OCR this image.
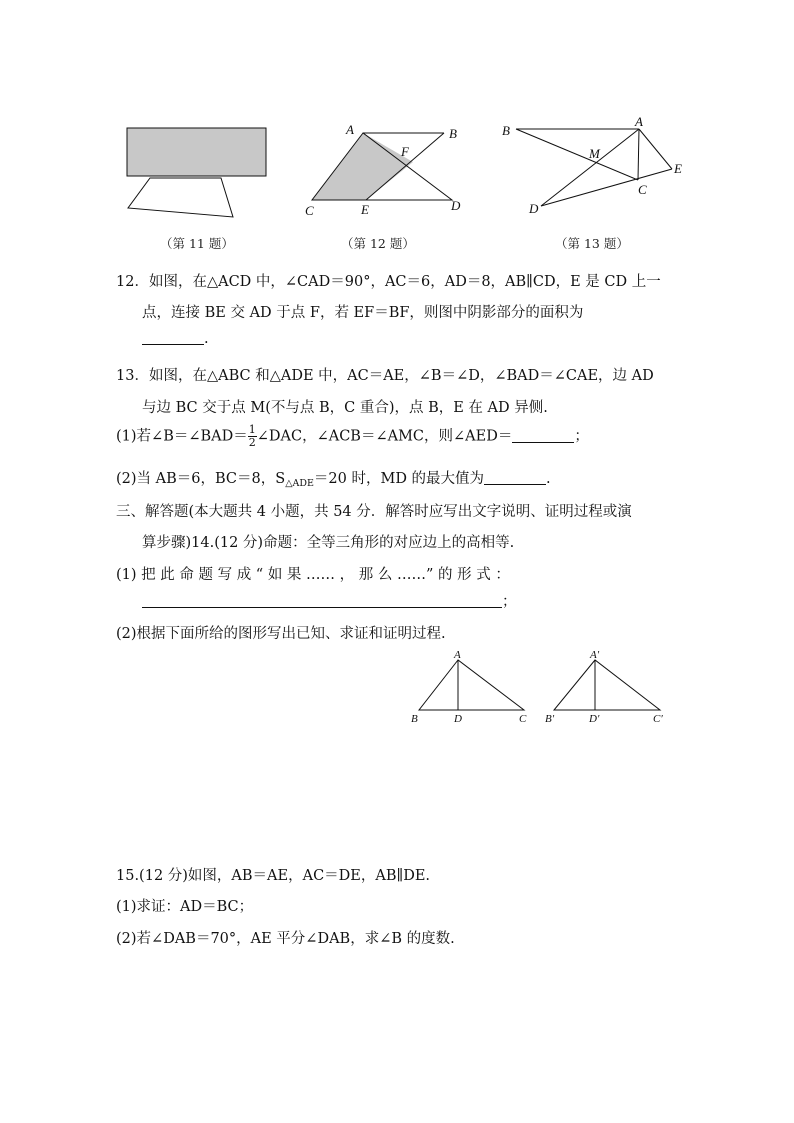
（第 11 题）
A	B
F
C	E	D
（第 12 题）
B
A
M
E
C
D
（第 13 题）
12．如图，在△ACD 中，∠CAD＝90°，AC＝6，AD＝8，AB∥CD，E 是 CD 上一
点，连接 BE 交 AD 于点 F，若 EF＝BF，则图中阴影部分的面积为
.
13．如图，在△ABC 和△ADE 中，AC＝AE，∠B＝∠D，∠BAD＝∠CAE，边 AD
与边 BC 交于点 M(不与点 B，C 重合)，点 B，E 在 AD 异侧.
(1)若∠B＝∠BAD＝ $\frac{1}{2}$ ∠DAC，∠ACB＝∠AMC，则∠AED＝	；
(2)当 AB＝6，BC＝8，$S_{\triangle ADE}=20$ 时，MD 的最大值为	.
三、解答题(本大题共 4 小题，共 54 分．解答时应写出文字说明、证明过程或演
算步骤)14.(12 分)命题：全等三角形的对应边上的高相等.
(1) 把 此 命 题 写 成 “ 如 果 …… ， 那 么 ……” 的 形 式 ：
；
(2)根据下面所给的图形写出已知、求证和证明过程.
A
B	D	C
A′
B′	D′	C′
15.(12 分)如图，AB＝AE，AC＝DE，AB∥DE.
(1)求证：AD＝BC；
(2)若∠DAB＝70°，AE 平分∠DAB，求∠B 的度数.
